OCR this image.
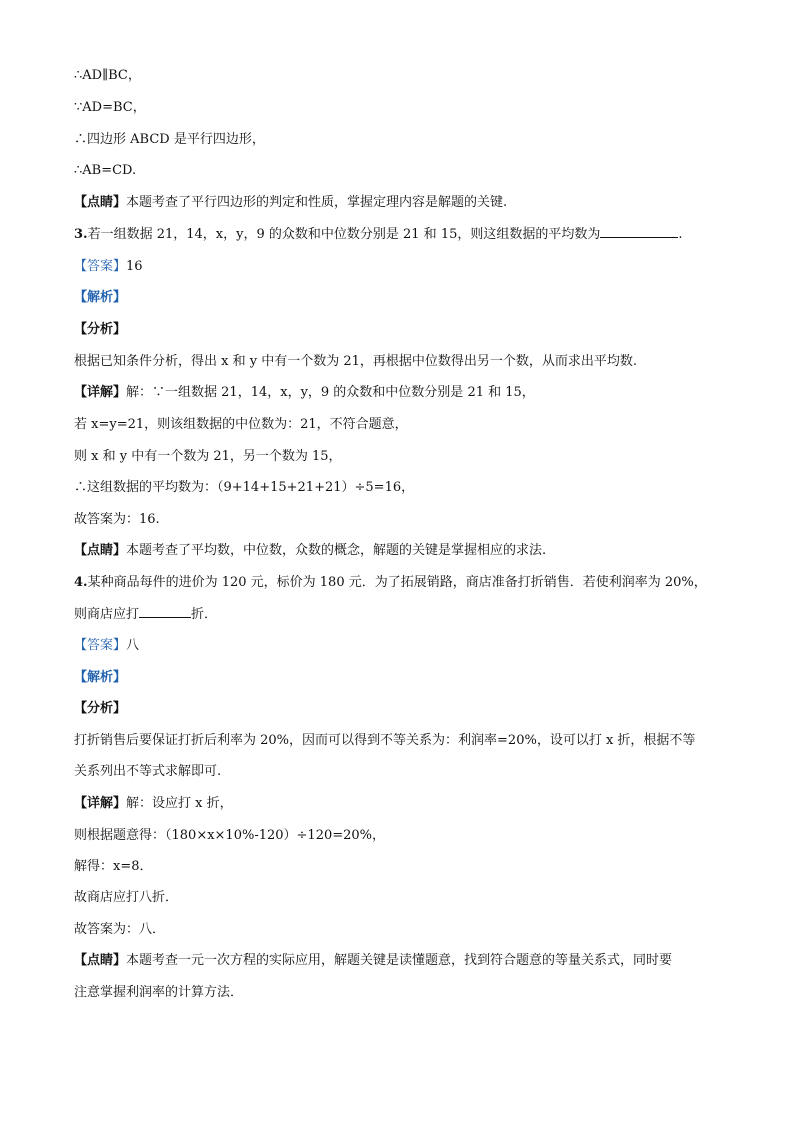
∴AD∥BC，
∵AD=BC，
∴四边形 ABCD 是平行四边形，
∴AB=CD.
【点睛】本题考查了平行四边形的判定和性质，掌握定理内容是解题的关键.
3.若一组数据 21，14，x，y，9 的众数和中位数分别是 21 和 15，则这组数据的平均数为	.
【答案】16
【解析】
【分析】
根据已知条件分析，得出 x 和 y 中有一个数为 21，再根据中位数得出另一个数，从而求出平均数.
【详解】解：∵一组数据 21，14，x，y，9 的众数和中位数分别是 21 和 15，
若 x=y=21，则该组数据的中位数为：21，不符合题意，
则 x 和 y 中有一个数为 21，另一个数为 15，
∴这组数据的平均数为：（9+14+15+21+21）÷5=16，
故答案为：16.
【点睛】本题考查了平均数，中位数，众数的概念，解题的关键是掌握相应的求法.
4.某种商品每件的进价为 120 元，标价为 180 元．为了拓展销路，商店准备打折销售．若使利润率为 20%，
则商店应打	折．
【答案】八
【解析】
【分析】
打折销售后要保证打折后利率为 20%，因而可以得到不等关系为：利润率=20%，设可以打 x 折，根据不等
关系列出不等式求解即可.
【详解】解：设应打 x 折，
则根据题意得：（180×x×10%-120）÷120=20%，
解得：x=8．
故商店应打八折．
故答案为：八．
【点睛】本题考查一元一次方程的实际应用，解题关键是读懂题意，找到符合题意的等量关系式，同时要
注意掌握利润率的计算方法．
